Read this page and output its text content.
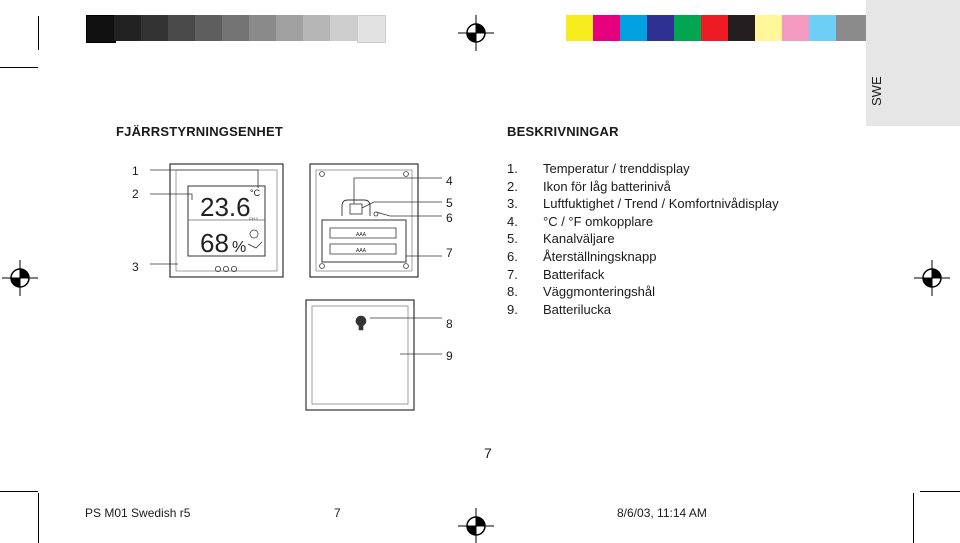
SWE
FJÄRRSTYRNINGSENHET	BESKRIVNINGAR
23.6 °C
CH 1
68 %
AAA
AAA
1
2
3
4
5
6
7
8
9
1. Temperatur / trenddisplay
2. Ikon för låg batterinivå
3. Luftfuktighet / Trend / Komfortnivådisplay
4. °C / °F omkopplare
5. Kanalväljare
6. Återställningsknapp
7. Batterifack
8. Väggmonteringshål
9. Batterilucka
7
PS M01 Swedish r5	7	8/6/03, 11:14 AM
